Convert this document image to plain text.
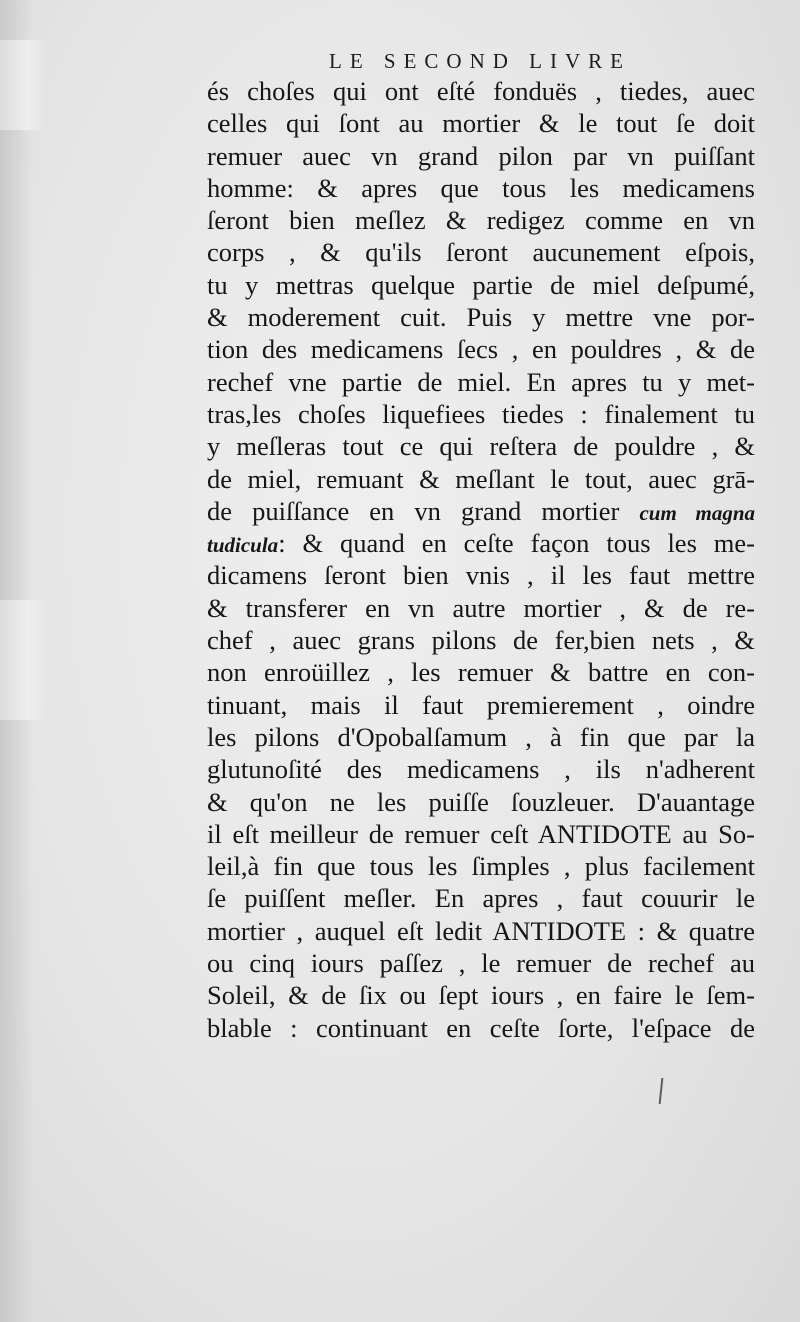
LE SECOND LIVRE
és choſes qui ont eſté fonduës , tiedes, auec
celles qui ſont au mortier & le tout ſe doit
remuer auec vn grand pilon par vn puiſſant
homme: & apres que tous les medicamens
ſeront bien meſlez & redigez comme en vn
corps , & qu'ils ſeront aucunement eſpois,
tu y mettras quelque partie de miel deſpumé,
& moderement cuit. Puis y mettre vne por-
tion des medicamens ſecs , en pouldres , & de
rechef vne partie de miel. En apres tu y met-
tras,les choſes liquefiees tiedes : finalement tu
y meſleras tout ce qui reſtera de pouldre , &
de miel, remuant & meſlant le tout, auec grā-
de puiſſance en vn grand mortier cum magna
tudicula: & quand en ceſte façon tous les me-
dicamens ſeront bien vnis , il les faut mettre
& transferer en vn autre mortier , & de re-
chef , auec grans pilons de fer,bien nets , &
non enroüillez , les remuer & battre en con-
tinuant, mais il faut premierement , oindre
les pilons d'Opobalſamum , à fin que par la
glutunoſité des medicamens , ils n'adherent
& qu'on ne les puiſſe ſouzleuer. D'auantage
il eſt meilleur de remuer ceſt ANTIDOTE au So-
leil,à fin que tous les ſimples , plus facilement
ſe puiſſent meſler. En apres , faut couurir le
mortier , auquel eſt ledit ANTIDOTE : & quatre
ou cinq iours paſſez , le remuer de rechef au
Soleil, & de ſix ou ſept iours , en faire le ſem-
blable : continuant en ceſte ſorte, l'eſpace de
